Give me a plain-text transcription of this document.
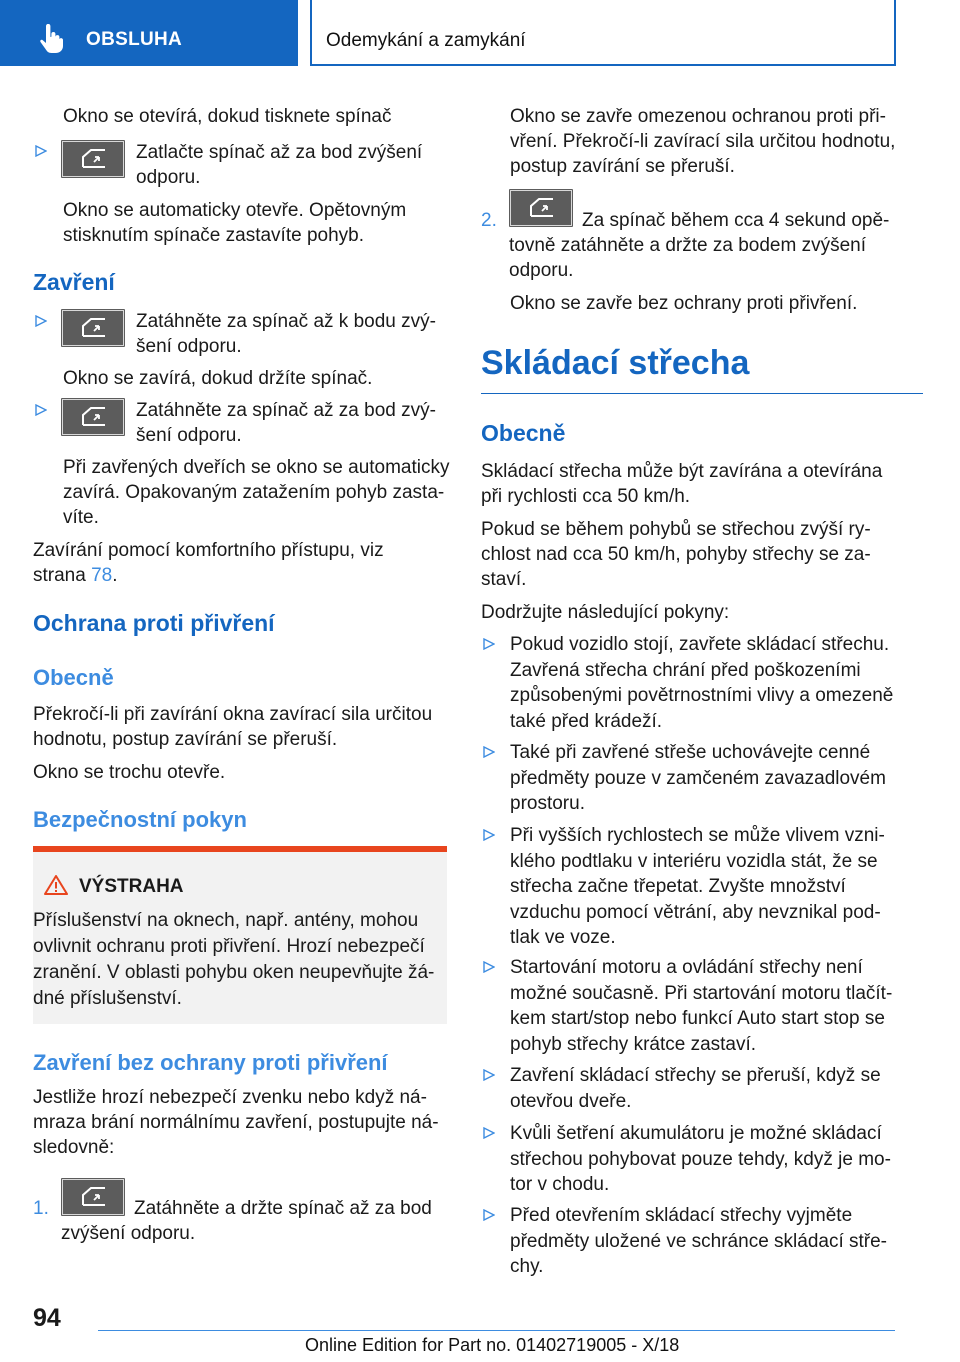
OBSLUHA	Odemykání a zamykání
Okno se otevírá, dokud tisknete spínač
Zatlačte spínač až za bod zvýšení
odporu.
Okno se automaticky otevře. Opětovným
stisknutím spínače zastavíte pohyb.
Zavření
Zatáhněte za spínač až k bodu zvý-
šení odporu.
Okno se zavírá, dokud držíte spínač.
Zatáhněte za spínač až za bod zvý-
šení odporu.
Při zavřených dveřích se okno se automaticky
zavírá. Opakovaným zatažením pohyb zasta-
víte.
Zavírání pomocí komfortního přístupu, viz
strana 78.
Ochrana proti přivření
Obecně
Překročí-li při zavírání okna zavírací sila určitou
hodnotu, postup zavírání se přeruší.
Okno se trochu otevře.
Bezpečnostní pokyn
VÝSTRAHA
Příslušenství na oknech, např. antény, mohou
ovlivnit ochranu proti přivření. Hrozí nebezpečí
zranění. V oblasti pohybu oken neupevňujte žá-
dné příslušenství.
Zavření bez ochrany proti přivření
Jestliže hrozí nebezpečí zvenku nebo když ná-
mraza brání normálnímu zavření, postupujte ná-
sledovně:
1.	Zatáhněte a držte spínač až za bod
zvýšení odporu.
Okno se zavře omezenou ochranou proti při-
vření. Překročí-li zavírací sila určitou hodnotu,
postup zavírání se přeruší.
2.	Za spínač během cca 4 sekund opě-
tovně zatáhněte a držte za bodem zvýšení
odporu.
Okno se zavře bez ochrany proti přivření.
Skládací střecha
Obecně
Skládací střecha může být zavírána a otevírána
při rychlosti cca 50 km/h.
Pokud se během pohybů se střechou zvýší ry-
chlost nad cca 50 km/h, pohyby střechy se za-
staví.
Dodržujte následující pokyny:
Pokud vozidlo stojí, zavřete skládací střechu.
Zavřená střecha chrání před poškozeními
způsobenými povětrnostními vlivy a omezeně
také před krádeží.
Také při zavřené střeše uchovávejte cenné
předměty pouze v zamčeném zavazadlovém
prostoru.
Při vyšších rychlostech se může vlivem vzni-
klého podtlaku v interiéru vozidla stát, že se
střecha začne třepetat. Zvyšte množství
vzduchu pomocí větrání, aby nevznikal pod-
tlak ve voze.
Startování motoru a ovládání střechy není
možné současně. Při startování motoru tlačít-
kem start/stop nebo funkcí Auto start stop se
pohyb střechy krátce zastaví.
Zavření skládací střechy se přeruší, když se
otevřou dveře.
Kvůli šetření akumulátoru je možné skládací
střechou pohybovat pouze tehdy, když je mo-
tor v chodu.
Před otevřením skládací střechy vyjměte
předměty uložené ve schránce skládací stře-
chy.
94
Online Edition for Part no. 01402719005 - X/18
